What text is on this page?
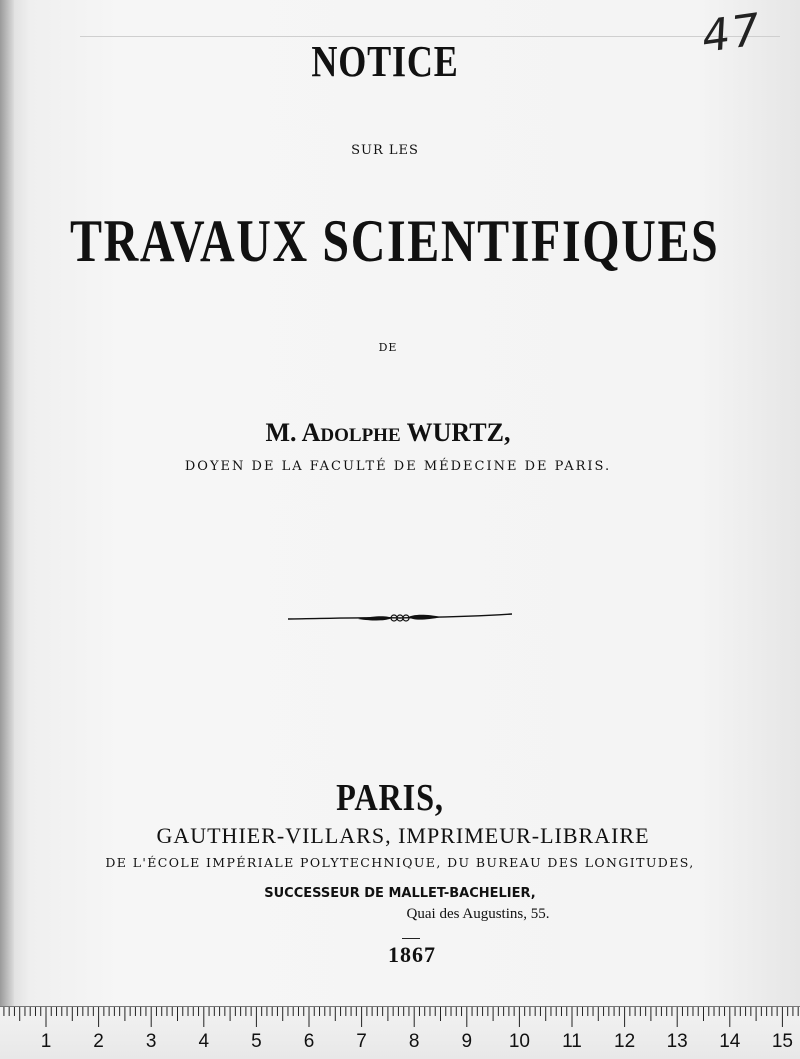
47
NOTICE
SUR LES
TRAVAUX SCIENTIFIQUES
DE
M. ADOLPHE WURTZ,
DOYEN DE LA FACULTÉ DE MÉDECINE DE PARIS.
PARIS,
GAUTHIER-VILLARS, IMPRIMEUR-LIBRAIRE
DE L'ÉCOLE IMPÉRIALE POLYTECHNIQUE, DU BUREAU DES LONGITUDES,
SUCCESSEUR DE MALLET-BACHELIER,
Quai des Augustins, 55.
1867
1 2 3 4 5 6 7 8 9 10 11 12 13 14 15
